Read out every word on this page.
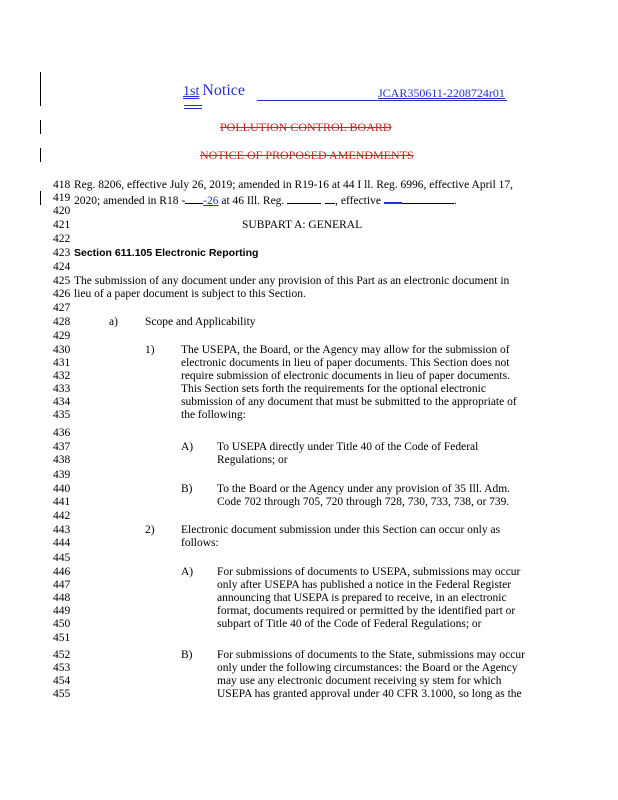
1st Notice	JCAR350611-2208724r01
POLLUTION CONTROL BOARD
NOTICE OF PROPOSED AMENDMENTS
418
419
420
421
422
423
424
425
426
427
428
429
430
431
432
433
434
435
436
437
438
439
440
441
442
443
444
445
446
447
448
449
450
451
452
453
454
455
Reg. 8206, effective July 26, 2019; amended in R19-16 at 44 I ll. Reg. 6996, effective April 17,
2020; amended in R18 - -26 at 46 Ill. Reg.	, effective	.
SUBPART A: GENERAL
Section 611.105 Electronic Reporting
The submission of any document under any provision of this Part as an electronic document in
lieu of a paper document is subject to this Section.
a) Scope and Applicability
1) The USEPA, the Board, or the Agency may allow for the submission of
electronic documents in lieu of paper documents. This Section does not
require submission of electronic documents in lieu of paper documents.
This Section sets forth the requirements for the optional electronic
submission of any document that must be submitted to the appropriate of
the following:
A) To USEPA directly under Title 40 of the Code of Federal
Regulations; or
B) To the Board or the Agency under any provision of 35 Ill. Adm.
Code 702 through 705, 720 through 728, 730, 733, 738, or 739.
2) Electronic document submission under this Section can occur only as
follows:
A) For submissions of documents to USEPA, submissions may occur
only after USEPA has published a notice in the Federal Register
announcing that USEPA is prepared to receive, in an electronic
format, documents required or permitted by the identified part or
subpart of Title 40 of the Code of Federal Regulations; or
B) For submissions of documents to the State, submissions may occur
only under the following circumstances: the Board or the Agency
may use any electronic document receiving sy stem for which
USEPA has granted approval under 40 CFR 3.1000, so long as the
